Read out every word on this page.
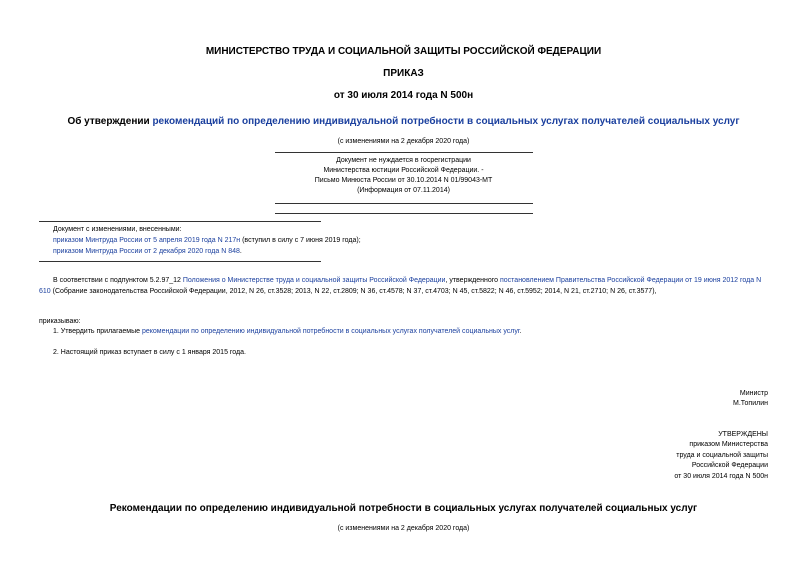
МИНИСТЕРСТВО ТРУДА И СОЦИАЛЬНОЙ ЗАЩИТЫ РОССИЙСКОЙ ФЕДЕРАЦИИ
ПРИКАЗ
от 30 июля 2014 года N 500н
Об утверждении рекомендаций по определению индивидуальной потребности в социальных услугах получателей социальных услуг
(с изменениями на 2 декабря 2020 года)
Документ не нуждается в госрегистрации
Министерства юстиции Российской Федерации. -
Письмо Минюста России от 30.10.2014 N 01/99043-МТ
(Информация от 07.11.2014)
Документ с изменениями, внесенными:
приказом Минтруда России от 5 апреля 2019 года N 217н (вступил в силу с 7 июня 2019 года);
приказом Минтруда России от 2 декабря 2020 года N 848.
В соответствии с подпунктом 5.2.97_12 Положения о Министерстве труда и социальной защиты Российской Федерации, утвержденного постановлением Правительства Российской Федерации от 19 июня 2012 года N 610 (Собрание законодательства Российской Федерации, 2012, N 26, ст.3528; 2013, N 22, ст.2809; N 36, ст.4578; N 37, ст.4703; N 45, ст.5822; N 46, ст.5952; 2014, N 21, ст.2710; N 26, ст.3577),
приказываю:
1. Утвердить прилагаемые рекомендации по определению индивидуальной потребности в социальных услугах получателей социальных услуг.
2. Настоящий приказ вступает в силу с 1 января 2015 года.
Министр
М.Топилин
УТВЕРЖДЕНЫ
приказом Министерства
труда и социальной защиты
Российской Федерации
от 30 июля 2014 года N 500н
Рекомендации по определению индивидуальной потребности в социальных услугах получателей социальных услуг
(с изменениями на 2 декабря 2020 года)
